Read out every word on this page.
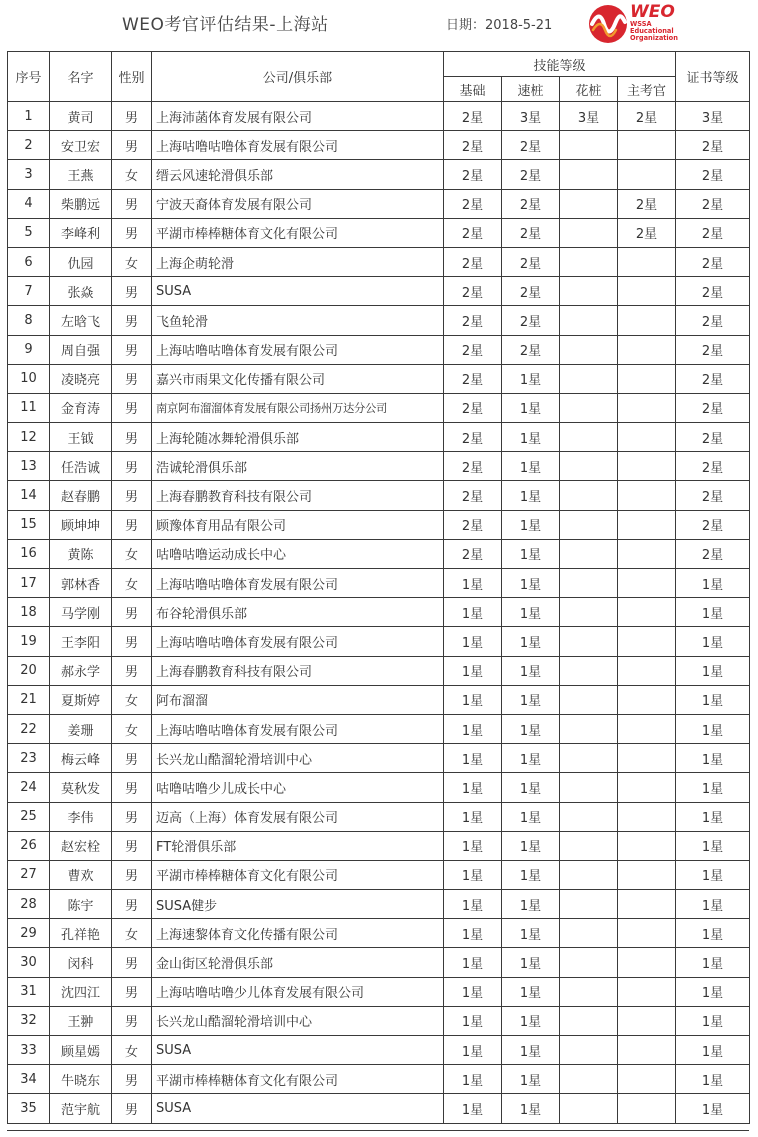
WEO考官评估结果-上海站	日期：2018-5-21
WEO
WSSA
Educational
Organization
序号	名字	性别	公司/俱乐部	技能等级				证书等级
				基础	速桩	花桩	主考官	
1	黄司	男	上海沛菡体育发展有限公司	2星	3星	3星	2星	3星
2	安卫宏	男	上海咕噜咕噜体育发展有限公司	2星	2星			2星
3	王燕	女	缙云风速轮滑俱乐部	2星	2星			2星
4	柴鹏远	男	宁波天裔体育发展有限公司	2星	2星		2星	2星
5	李峰利	男	平湖市棒棒糖体育文化有限公司	2星	2星		2星	2星
6	仇园	女	上海企萌轮滑	2星	2星			2星
7	张焱	男	SUSA	2星	2星			2星
8	左晗飞	男	飞鱼轮滑	2星	2星			2星
9	周自强	男	上海咕噜咕噜体育发展有限公司	2星	2星			2星
10	凌晓亮	男	嘉兴市雨果文化传播有限公司	2星	1星			2星
11	金育涛	男	南京阿布溜溜体育发展有限公司扬州万达分公司	2星	1星			2星
12	王钺	男	上海轮随冰舞轮滑俱乐部	2星	1星			2星
13	任浩诚	男	浩诚轮滑俱乐部	2星	1星			2星
14	赵春鹏	男	上海春鹏教育科技有限公司	2星	1星			2星
15	顾坤坤	男	顾豫体育用品有限公司	2星	1星			2星
16	黄陈	女	咕噜咕噜运动成长中心	2星	1星			2星
17	郭林香	女	上海咕噜咕噜体育发展有限公司	1星	1星			1星
18	马学刚	男	布谷轮滑俱乐部	1星	1星			1星
19	王李阳	男	上海咕噜咕噜体育发展有限公司	1星	1星			1星
20	郝永学	男	上海春鹏教育科技有限公司	1星	1星			1星
21	夏斯婷	女	阿布溜溜	1星	1星			1星
22	姜珊	女	上海咕噜咕噜体育发展有限公司	1星	1星			1星
23	梅云峰	男	长兴龙山酷溜轮滑培训中心	1星	1星			1星
24	莫秋发	男	咕噜咕噜少儿成长中心	1星	1星			1星
25	李伟	男	迈高（上海）体育发展有限公司	1星	1星			1星
26	赵宏栓	男	FT轮滑俱乐部	1星	1星			1星
27	曹欢	男	平湖市棒棒糖体育文化有限公司	1星	1星			1星
28	陈宇	男	SUSA健步	1星	1星			1星
29	孔祥艳	女	上海速黎体育文化传播有限公司	1星	1星			1星
30	闵科	男	金山街区轮滑俱乐部	1星	1星			1星
31	沈四江	男	上海咕噜咕噜少儿体育发展有限公司	1星	1星			1星
32	王翀	男	长兴龙山酷溜轮滑培训中心	1星	1星			1星
33	顾星嫣	女	SUSA	1星	1星			1星
34	牛晓东	男	平湖市棒棒糖体育文化有限公司	1星	1星			1星
35	范宇航	男	SUSA	1星	1星			1星
